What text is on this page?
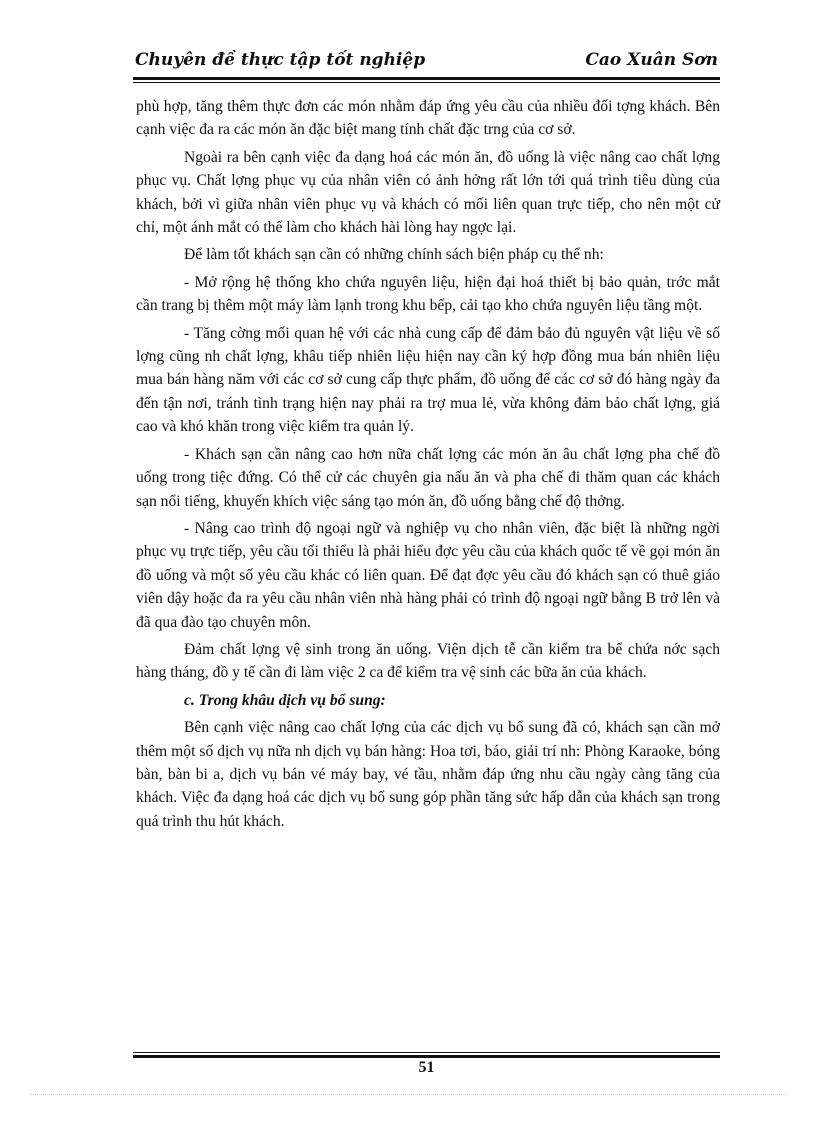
Chuyên đề thực tập tốt nghiệp	Cao Xuân Sơn

phù hợp, tăng thêm thực đơn các món nhằm đáp ứng yêu cầu của nhiều đối tợng khách. Bên cạnh việc đa ra các món ăn đặc biệt mang tính chất đặc trng của cơ sở.

Ngoài ra bên cạnh việc đa dạng hoá các món ăn, đồ uống là việc nâng cao chất lợng phục vụ. Chất lợng phục vụ của nhân viên có ảnh hởng rất lớn tới quá trình tiêu dùng của khách, bởi vì giữa nhân viên phục vụ và khách có mối liên quan trực tiếp, cho nên một cử chỉ, một ánh mắt có thể làm cho khách hài lòng hay ngợc lại.

Để làm tốt khách sạn cần có những chính sách biện pháp cụ thể nh:

- Mở rộng hệ thống kho chứa nguyên liệu, hiện đại hoá thiết bị bảo quản, trớc mắt cần trang bị thêm một máy làm lạnh trong khu bếp, cải tạo kho chứa nguyên liệu tầng một.

- Tăng cờng mối quan hệ với các nhà cung cấp để đảm bảo đủ nguyên vật liệu về số lợng cũng nh chất lợng, khâu tiếp nhiên liệu hiện nay cần ký hợp đồng mua bán nhiên liệu mua bán hàng năm với các cơ sở cung cấp thực phẩm, đồ uống để các cơ sở đó hàng ngày đa đến tận nơi, tránh tình trạng hiện nay phải ra trợ mua lẻ, vừa không đảm bảo chất lợng, giá cao và khó khăn trong việc kiểm tra quản lý.

- Khách sạn cần nâng cao hơn nữa chất lợng các món ăn âu chất lợng pha chế đồ uống trong tiệc đứng. Có thể cử các chuyên gia nấu ăn và pha chế đi thăm quan các khách sạn nổi tiếng, khuyến khích việc sáng tạo món ăn, đồ uống bằng chế độ thởng.

- Nâng cao trình độ ngoại ngữ và nghiệp vụ cho nhân viên, đặc biệt là những ngời phục vụ trực tiếp, yêu cầu tối thiểu là phải hiểu đợc yêu cầu của khách quốc tế về gọi món ăn đồ uống và một số yêu cầu khác có liên quan. Để đạt đợc yêu cầu đó khách sạn có thuê giáo viên dậy hoặc đa ra yêu cầu nhân viên nhà hàng phải có trình độ ngoại ngữ bằng B trở lên và đã qua đào tạo chuyên môn.

Đảm chất lợng vệ sinh trong ăn uống. Viện dịch tễ cần kiểm tra bể chứa nớc sạch hàng tháng, đồ y tế cần đi làm việc 2 ca để kiểm tra vệ sinh các bữa ăn của khách.

c. Trong khâu dịch vụ bổ sung:

Bên cạnh việc nâng cao chất lợng của các dịch vụ bổ sung đã có, khách sạn cần mở thêm một số dịch vụ nữa nh dịch vụ bán hàng: Hoa tơi, báo, giải trí nh: Phòng Karaoke, bóng bàn, bàn bi a, dịch vụ bán vé máy bay, vé tầu, nhằm đáp ứng nhu cầu ngày càng tăng của khách. Việc đa dạng hoá các dịch vụ bổ sung góp phần tăng sức hấp dẫn của khách sạn trong quá trình thu hút khách.

51
